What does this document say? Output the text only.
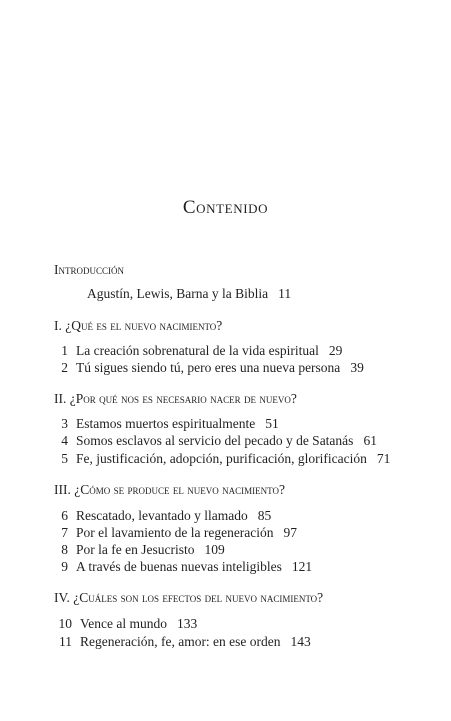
Contenido
Introducción
Agustín, Lewis, Barna y la Biblia 11
I. ¿Qué es el nuevo nacimiento?
1 La creación sobrenatural de la vida espiritual 29
2 Tú sigues siendo tú, pero eres una nueva persona 39
II. ¿Por qué nos es necesario nacer de nuevo?
3 Estamos muertos espiritualmente 51
4 Somos esclavos al servicio del pecado y de Satanás 61
5 Fe, justificación, adopción, purificación, glorificación 71
III. ¿Cómo se produce el nuevo nacimiento?
6 Rescatado, levantado y llamado 85
7 Por el lavamiento de la regeneración 97
8 Por la fe en Jesucristo 109
9 A través de buenas nuevas inteligibles 121
IV. ¿Cuáles son los efectos del nuevo nacimiento?
10 Vence al mundo 133
11 Regeneración, fe, amor: en ese orden 143
